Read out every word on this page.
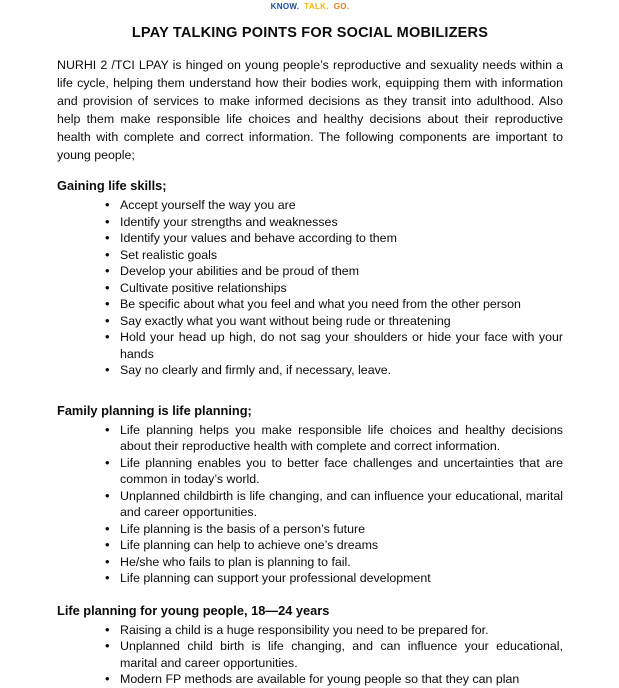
KNOW. TALK. GO.
LPAY TALKING POINTS FOR SOCIAL MOBILIZERS

NURHI 2 /TCI LPAY is hinged on young people’s reproductive and sexuality needs within a life cycle, helping them understand how their bodies work, equipping them with information and provision of services to make informed decisions as they transit into adulthood. Also help them make responsible life choices and healthy decisions about their reproductive health with complete and correct information. The following components are important to young people;

Gaining life skills;
• Accept yourself the way you are
• Identify your strengths and weaknesses
• Identify your values and behave according to them
• Set realistic goals
• Develop your abilities and be proud of them
• Cultivate positive relationships
• Be specific about what you feel and what you need from the other person
• Say exactly what you want without being rude or threatening
• Hold your head up high, do not sag your shoulders or hide your face with your hands
• Say no clearly and firmly and, if necessary, leave.
Family planning is life planning;
• Life planning helps you make responsible life choices and healthy decisions about their reproductive health with complete and correct information.
• Life planning enables you to better face challenges and uncertainties that are common in today’s world.
• Unplanned childbirth is life changing, and can influence your educational, marital and career opportunities.
• Life planning is the basis of a person’s future
• Life planning can help to achieve one’s dreams
• He/she who fails to plan is planning to fail.
• Life planning can support your professional development
Life planning for young people, 18—24 years
• Raising a child is a huge responsibility you need to be prepared for.
• Unplanned child birth is life changing, and can influence your educational, marital and career opportunities.
• Modern FP methods are available for young people so that they can plan
